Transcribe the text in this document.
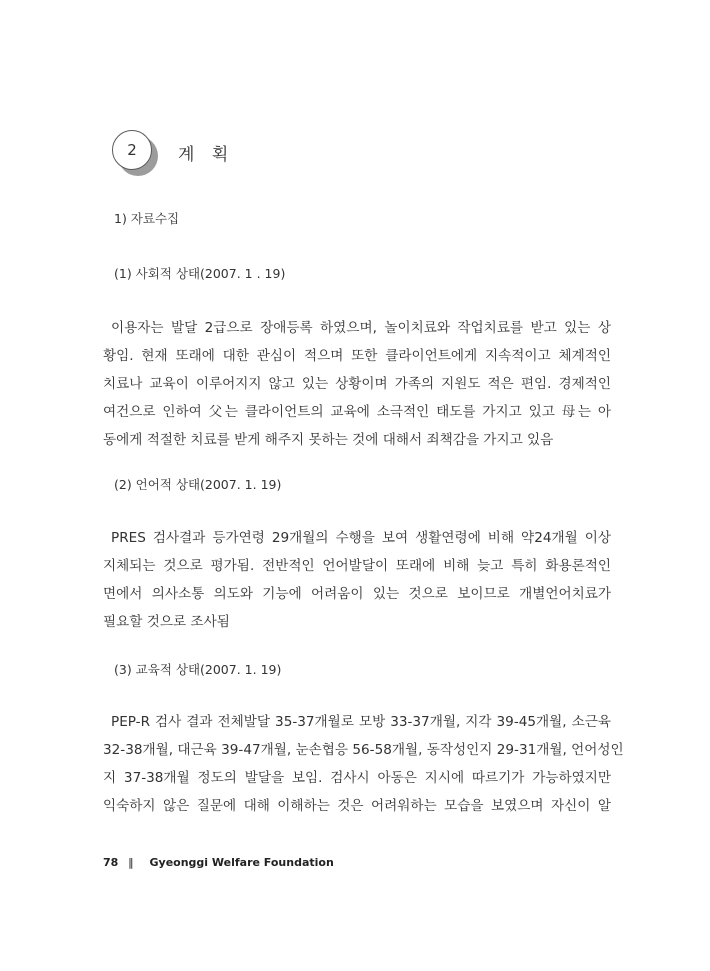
2	계 획
1) 자료수집
(1) 사회적 상태(2007. 1 . 19)
이용자는 발달 2급으로 장애등록 하였으며, 놀이치료와 작업치료를 받고 있는 상
황임. 현재 또래에 대한 관심이 적으며 또한 클라이언트에게 지속적이고 체계적인
치료나 교육이 이루어지지 않고 있는 상황이며 가족의 지원도 적은 편임. 경제적인
여건으로 인하여 父는 클라이언트의 교육에 소극적인 태도를 가지고 있고 母는 아
동에게 적절한 치료를 받게 해주지 못하는 것에 대해서 죄책감을 가지고 있음
(2) 언어적 상태(2007. 1. 19)
PRES 검사결과 등가연령 29개월의 수행을 보여 생활연령에 비해 약24개월 이상
지체되는 것으로 평가됨. 전반적인 언어발달이 또래에 비해 늦고 특히 화용론적인
면에서 의사소통 의도와 기능에 어려움이 있는 것으로 보이므로 개별언어치료가
필요할 것으로 조사됨
(3) 교육적 상태(2007. 1. 19)
PEP-R 검사 결과 전체발달 35-37개월로 모방 33-37개월, 지각 39-45개월, 소근육
32-38개월, 대근육 39-47개월, 눈손협응 56-58개월, 동작성인지 29-31개월, 언어성인
지 37-38개월 정도의 발달을 보임. 검사시 아동은 지시에 따르기가 가능하였지만
익숙하지 않은 질문에 대해 이해하는 것은 어려워하는 모습을 보였으며 자신이 알
78 ‖ Gyeonggi Welfare Foundation
